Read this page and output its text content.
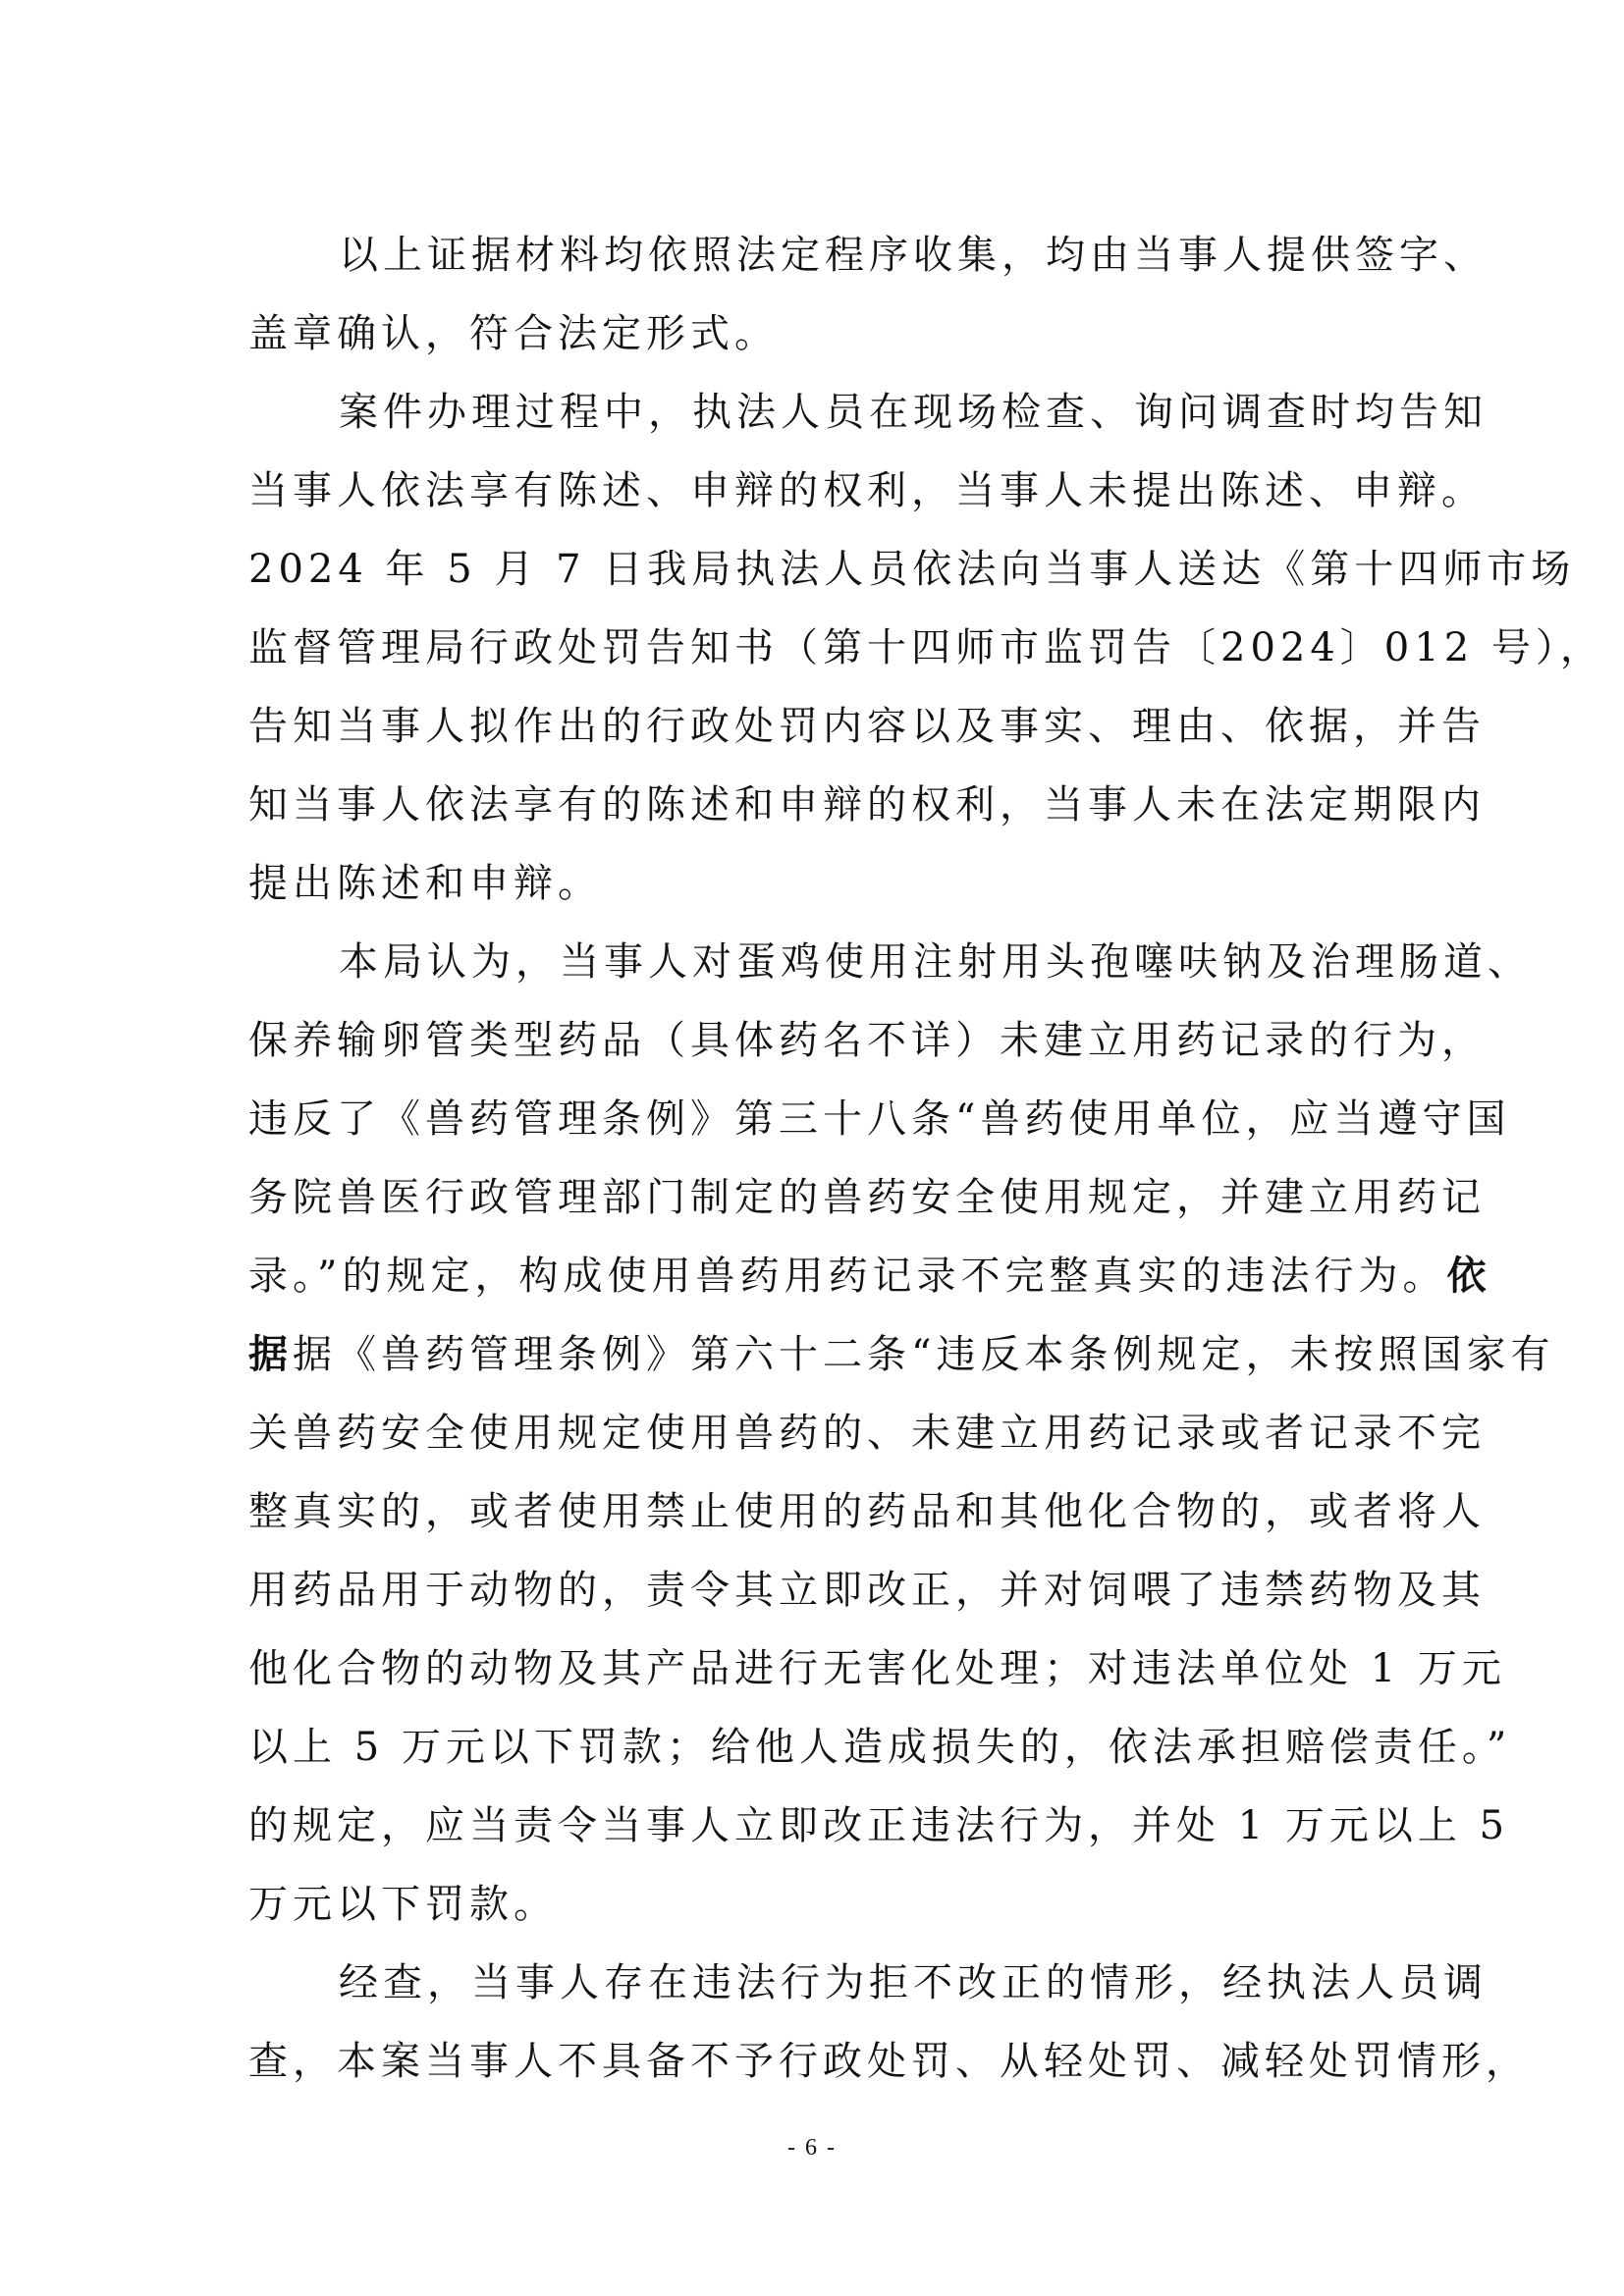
以上证据材料均依照法定程序收集，均由当事人提供签字、
盖章确认，符合法定形式。

案件办理过程中，执法人员在现场检查、询问调查时均告知
当事人依法享有陈述、申辩的权利，当事人未提出陈述、申辩。
2024 年 5 月 7 日我局执法人员依法向当事人送达《第十四师市场
监督管理局行政处罚告知书（第十四师市监罚告〔2024〕012 号），
告知当事人拟作出的行政处罚内容以及事实、理由、依据，并告
知当事人依法享有的陈述和申辩的权利，当事人未在法定期限内
提出陈述和申辩。

本局认为，当事人对蛋鸡使用注射用头孢噻呋钠及治理肠道、
保养输卵管类型药品（具体药名不详）未建立用药记录的行为，
违反了《兽药管理条例》第三十八条“兽药使用单位，应当遵守国
务院兽医行政管理部门制定的兽药安全使用规定，并建立用药记
录。”的规定，构成使用兽药用药记录不完整真实的违法行为。依
据据《兽药管理条例》第六十二条“违反本条例规定，未按照国家有
关兽药安全使用规定使用兽药的、未建立用药记录或者记录不完
整真实的，或者使用禁止使用的药品和其他化合物的，或者将人
用药品用于动物的，责令其立即改正，并对饲喂了违禁药物及其
他化合物的动物及其产品进行无害化处理；对违法单位处 1 万元
以上 5 万元以下罚款；给他人造成损失的，依法承担赔偿责任。”
的规定，应当责令当事人立即改正违法行为，并处 1 万元以上 5
万元以下罚款。

经查，当事人存在违法行为拒不改正的情形，经执法人员调
查，本案当事人不具备不予行政处罚、从轻处罚、减轻处罚情形，

- 6 -
